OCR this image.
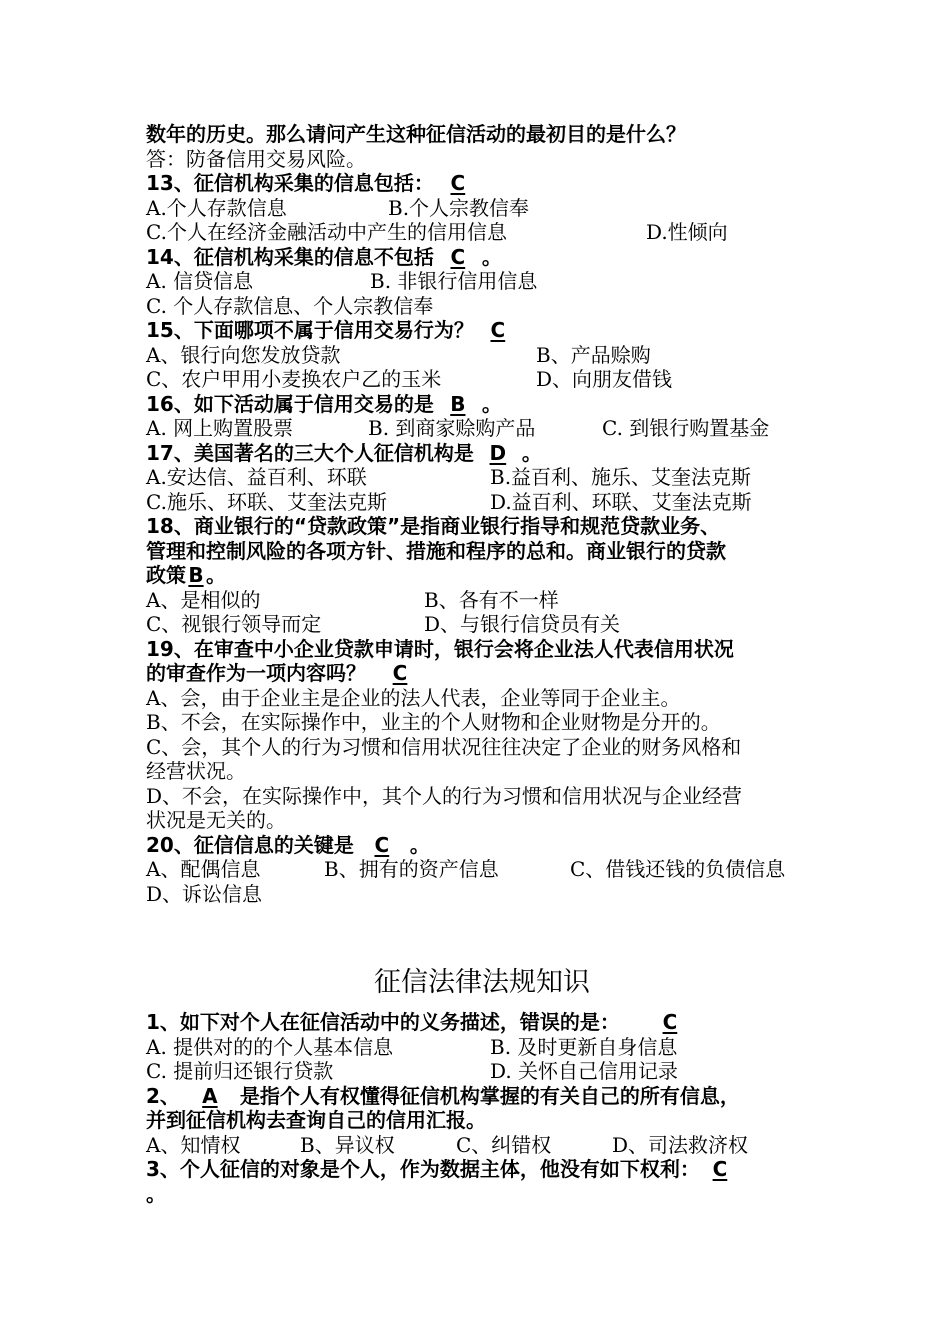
数年的历史。那么请问产生这种征信活动的最初目的是什么？
答：防备信用交易风险。
13、征信机构采集的信息包括： C
A.个人存款信息	B.个人宗教信奉
C.个人在经济金融活动中产生的信用信息	D.性倾向
14、征信机构采集的信息不包括 C 。
A. 信贷信息	B. 非银行信用信息
C. 个人存款信息、个人宗教信奉
15、下面哪项不属于信用交易行为？ C
A、银行向您发放贷款	B、产品赊购
C、农户甲用小麦换农户乙的玉米	D、向朋友借钱
16、如下活动属于信用交易的是 B 。
A. 网上购置股票	B. 到商家赊购产品	C. 到银行购置基金
17、美国著名的三大个人征信机构是 D 。
A.安达信、益百利、环联	B.益百利、施乐、艾奎法克斯
C.施乐、环联、艾奎法克斯	D.益百利、环联、艾奎法克斯
18、商业银行的“贷款政策”是指商业银行指导和规范贷款业务、
管理和控制风险的各项方针、措施和程序的总和。商业银行的贷款
政策 B 。
A、是相似的	B、各有不一样
C、视银行领导而定	D、与银行信贷员有关
19、在审查中小企业贷款申请时，银行会将企业法人代表信用状况
的审查作为一项内容吗？ C
A、会，由于企业主是企业的法人代表，企业等同于企业主。
B、不会，在实际操作中，业主的个人财物和企业财物是分开的。
C、会，其个人的行为习惯和信用状况往往决定了企业的财务风格和
经营状况。
D、不会，在实际操作中，其个人的行为习惯和信用状况与企业经营
状况是无关的。
20、征信信息的关键是 C 。
A、配偶信息	B、拥有的资产信息	C、借钱还钱的负债信息
D、诉讼信息
征信法律法规知识
1、如下对个人在征信活动中的义务描述，错误的是： C
A. 提供对的的个人基本信息	B. 及时更新自身信息
C. 提前归还银行贷款	D. 关怀自己信用记录
2、 A 是指个人有权懂得征信机构掌握的有关自己的所有信息，
并到征信机构去查询自己的信用汇报。
A、知情权	B、异议权	C、纠错权	D、司法救济权
3、个人征信的对象是个人，作为数据主体，他没有如下权利： C
。
